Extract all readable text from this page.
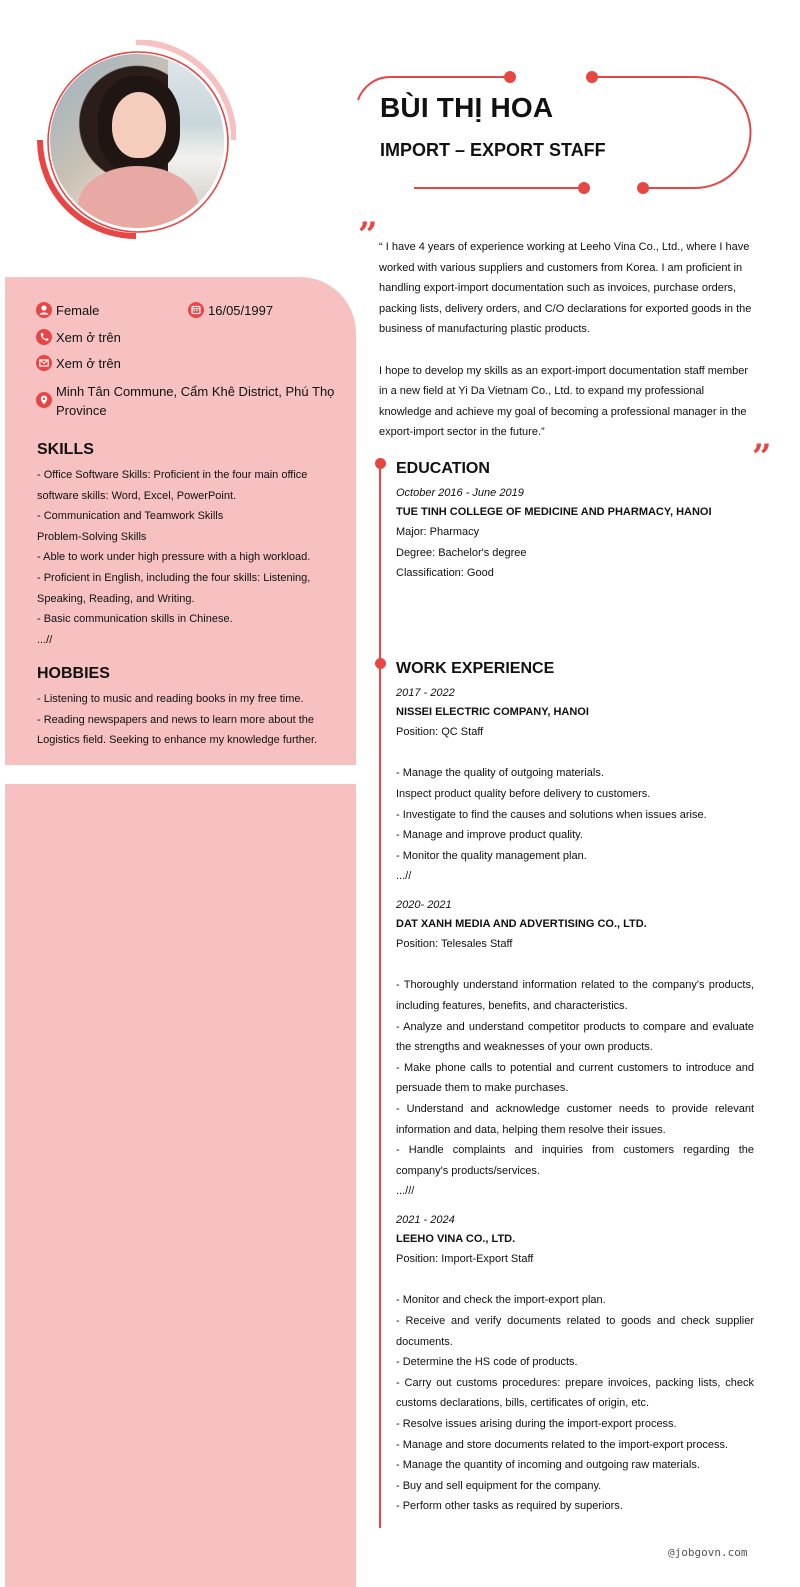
BÙI THỊ HOA
IMPORT – EXPORT STAFF
” “ I have 4 years of experience working at Leeho Vina Co., Ltd., where I have worked with various suppliers and customers from Korea. I am proficient in handling export-import documentation such as invoices, purchase orders, packing lists, delivery orders, and C/O declarations for exported goods in the business of manufacturing plastic products.

I hope to develop my skills as an export-import documentation staff member in a new field at Yi Da Vietnam Co., Ltd. to expand my professional knowledge and achieve my goal of becoming a professional manager in the export-import sector in the future.”

”
Female	16/05/1997
Xem ở trên
Xem ở trên
Minh Tân Commune, Cẩm Khê District, Phú Thọ Province
SKILLS
- Office Software Skills: Proficient in the four main office software skills: Word, Excel, PowerPoint.
- Communication and Teamwork Skills
Problem-Solving Skills
- Able to work under high pressure with a high workload.
- Proficient in English, including the four skills: Listening, Speaking, Reading, and Writing.
- Basic communication skills in Chinese.
...//
HOBBIES
- Listening to music and reading books in my free time.
- Reading newspapers and news to learn more about the Logistics field. Seeking to enhance my knowledge further.
EDUCATION
October 2016 - June 2019
TUE TINH COLLEGE OF MEDICINE AND PHARMACY, HANOI
Major: Pharmacy
Degree: Bachelor's degree
Classification: Good
WORK EXPERIENCE
2017 - 2022
NISSEI ELECTRIC COMPANY, HANOI
Position: QC Staff
- Manage the quality of outgoing materials.
Inspect product quality before delivery to customers.
- Investigate to find the causes and solutions when issues arise.
- Manage and improve product quality.
- Monitor the quality management plan.
...//
2020- 2021
DAT XANH MEDIA AND ADVERTISING CO., LTD.
Position: Telesales Staff
- Thoroughly understand information related to the company's products, including features, benefits, and characteristics.
- Analyze and understand competitor products to compare and evaluate the strengths and weaknesses of your own products.
- Make phone calls to potential and current customers to introduce and persuade them to make purchases.
- Understand and acknowledge customer needs to provide relevant information and data, helping them resolve their issues.
- Handle complaints and inquiries from customers regarding the company's products/services.
...///
2021 - 2024
LEEHO VINA CO., LTD.
Position: Import-Export Staff
- Monitor and check the import-export plan.
- Receive and verify documents related to goods and check supplier documents.
- Determine the HS code of products.
- Carry out customs procedures: prepare invoices, packing lists, check customs declarations, bills, certificates of origin, etc.
- Resolve issues arising during the import-export process.
- Manage and store documents related to the import-export process.
- Manage the quantity of incoming and outgoing raw materials.
- Buy and sell equipment for the company.
- Perform other tasks as required by superiors.
@jobgovn.com
